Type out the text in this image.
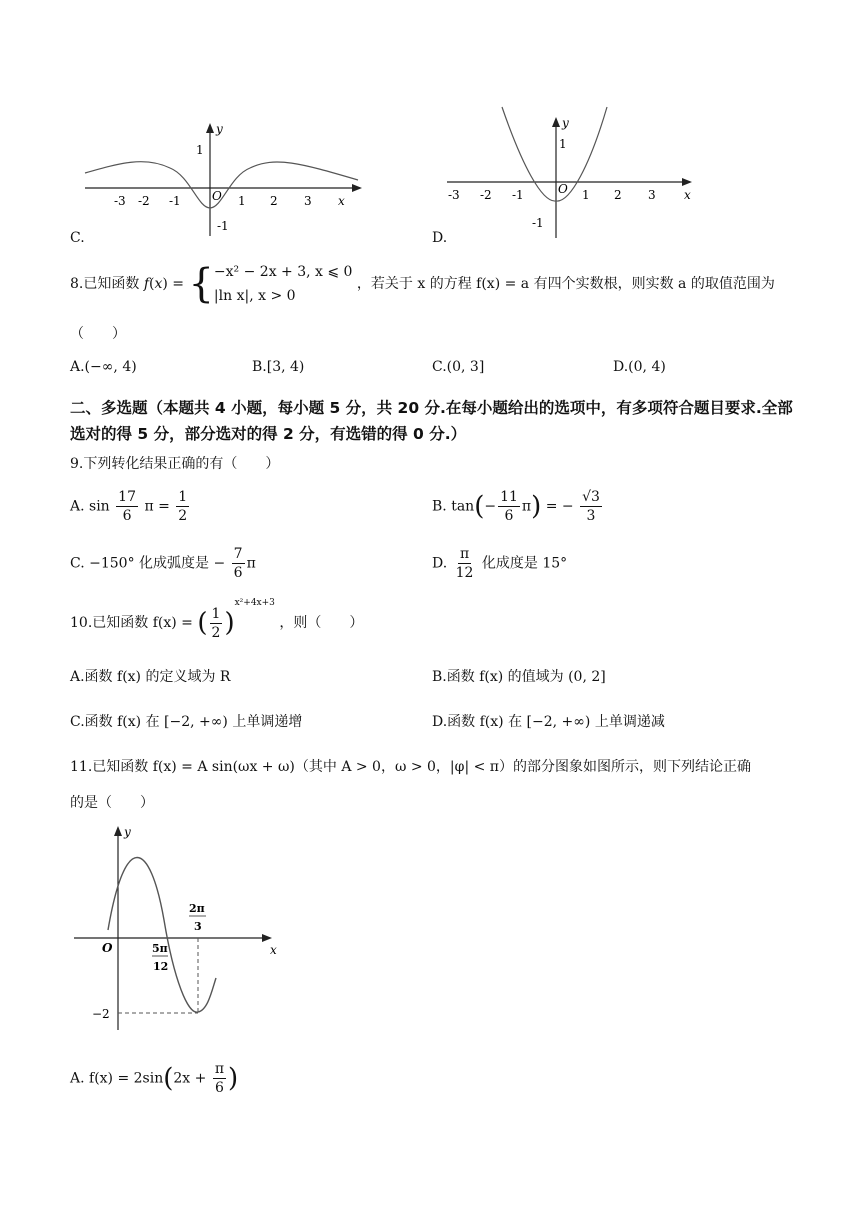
-3 -2 -1	1 2 3
1
-1
O	x
y
C.
-3 -2 -1	1 2 3
1
-1
O	x
y
D.
8.已知函数 f(x) = { −x² − 2x + 3, x ⩽ 0
|ln x|, x > 0
，若关于 x 的方程 f(x) = a 有四个实数根，则实数 a 的取值范围为
（　　）
A.(−∞, 4)	B.[3, 4)	C.(0, 3]	D.(0, 4)
二、多选题（本题共 4 小题，每小题 5 分，共 20 分.在每小题给出的选项中，有多项符合题目要求.全部选对的得 5 分，部分选对的得 2 分，有选错的得 0 分.）
9.下列转化结果正确的有（　　）
A. $\sin \frac{17}{6}$ $\pi = \frac{1}{2}$	B. $\tan(- \frac{11}{6} \pi)$ = − $\frac{√3}{3}$
C. −150° 化成弧度是 − $\frac{7}{6}$ π	D. $\frac{\pi}{12}$ 化成度是 15°
10.已知函数 f(x) = ( $\frac{1}{2} )^{x^2+4x+3}$ ，则（　　）
A.函数 f(x) 的定义域为 R	B.函数 f(x) 的值域为 (0, 2]
C.函数 f(x) 在 [−2, +∞) 上单调递增	D.函数 f(x) 在 [−2, +∞) 上单调递减
11.已知函数 f(x) = A sin(ωx + ω)（其中 A > 0，ω > 0，|φ| < π）的部分图象如图所示，则下列结论正确
的是（　　）
O	x
y
5π
12
2π
3
−2
A. $f(x) = 2\sin(2x + \frac{\pi}{6}$ )
